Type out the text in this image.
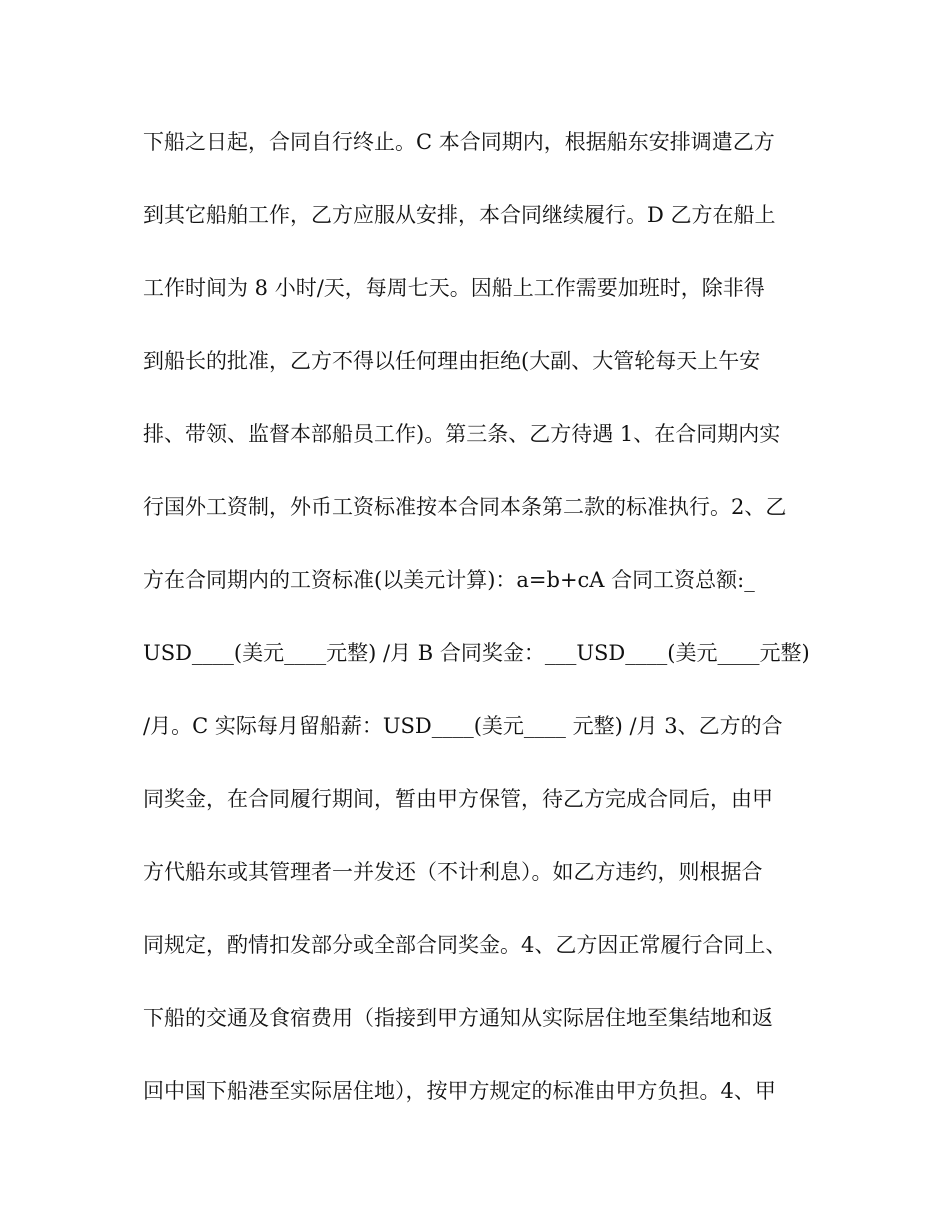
下船之日起，合同自行终止。C 本合同期内，根据船东安排调遣乙方
到其它船舶工作，乙方应服从安排，本合同继续履行。D 乙方在船上
工作时间为 8 小时/天，每周七天。因船上工作需要加班时，除非得
到船长的批准，乙方不得以任何理由拒绝(大副、大管轮每天上午安
排、带领、监督本部船员工作)。第三条、乙方待遇 1、在合同期内实
行国外工资制，外币工资标准按本合同本条第二款的标准执行。2、乙
方在合同期内的工资标准(以美元计算)：a=b+cA 合同工资总额:_
USD____(美元____元整) /月 B 合同奖金：___USD____(美元____元整)
/月。C 实际每月留船薪：USD____(美元____ 元整) /月 3、乙方的合
同奖金，在合同履行期间，暂由甲方保管，待乙方完成合同后，由甲
方代船东或其管理者一并发还（不计利息）。如乙方违约，则根据合
同规定，酌情扣发部分或全部合同奖金。4、乙方因正常履行合同上、
下船的交通及食宿费用（指接到甲方通知从实际居住地至集结地和返
回中国下船港至实际居住地），按甲方规定的标准由甲方负担。4、甲
